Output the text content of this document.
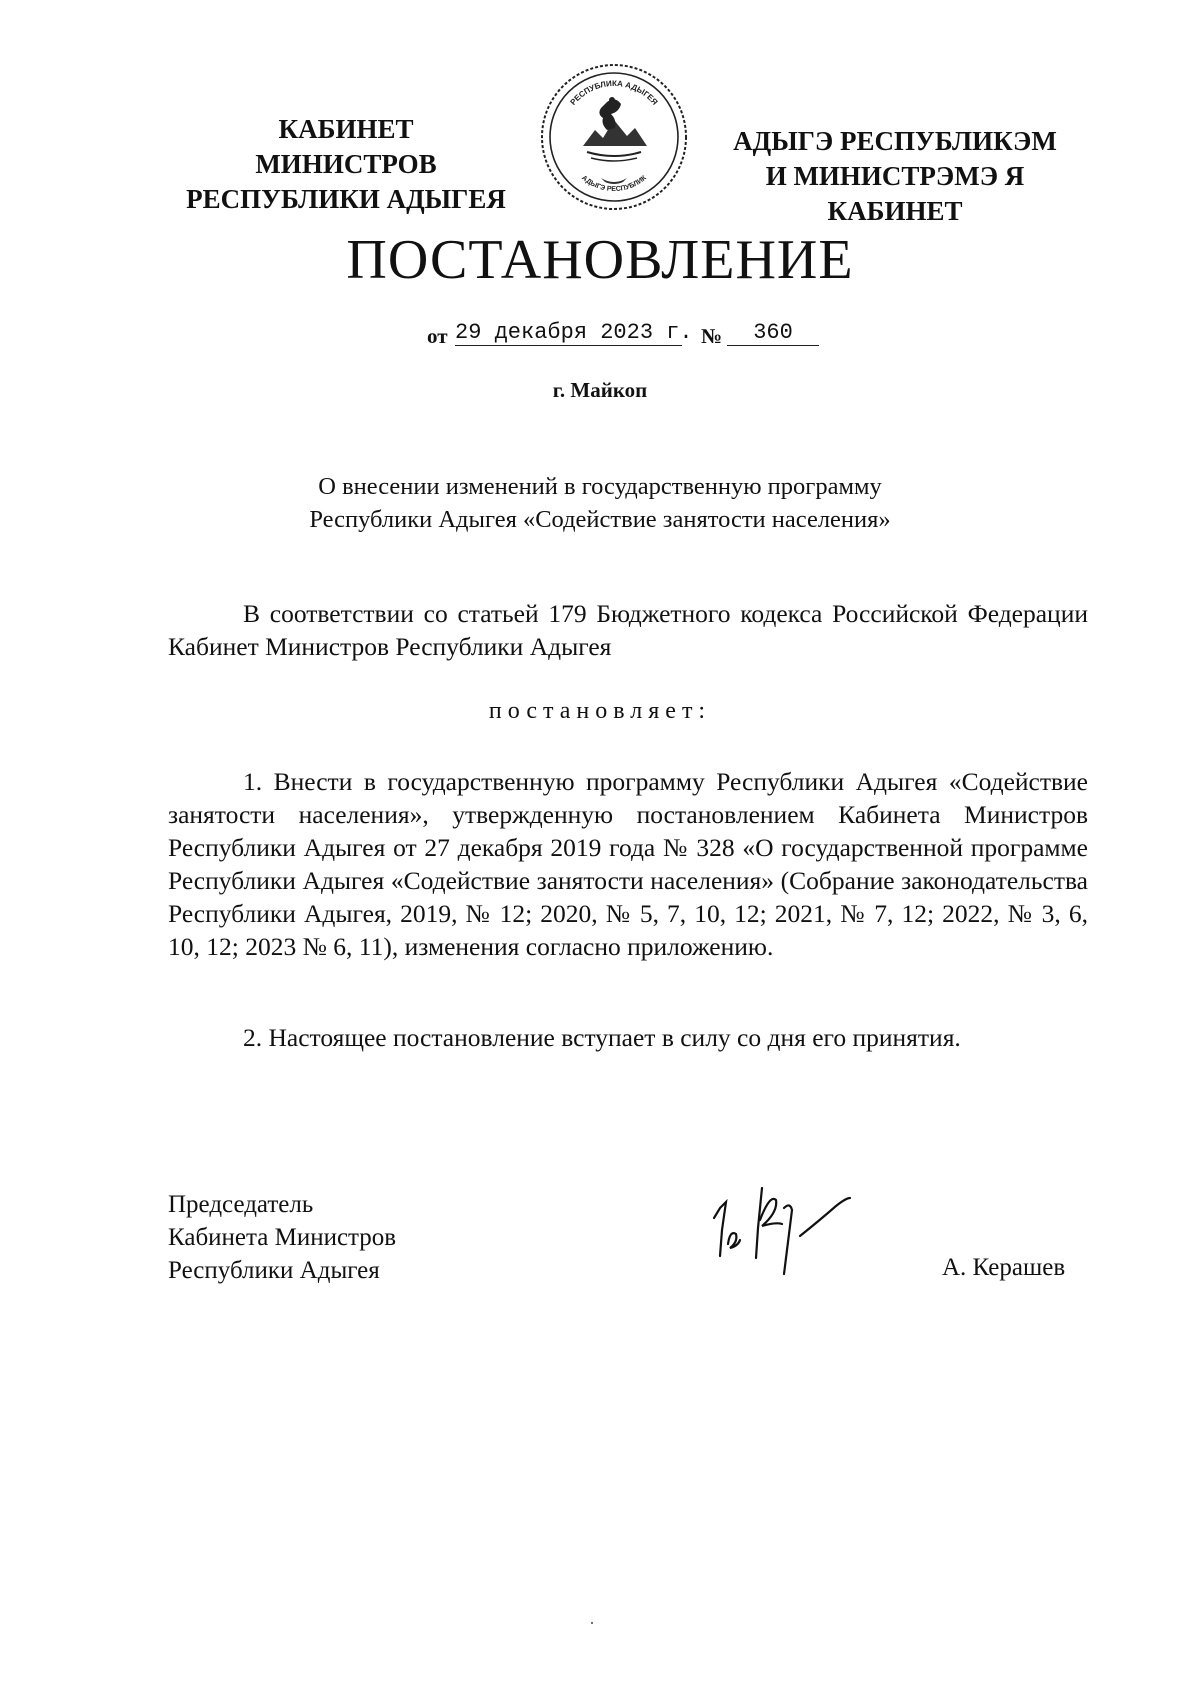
КАБИНЕТ МИНИСТРОВ
РЕСПУБЛИКИ АДЫГЕЯ
РЕСПУБЛИКА АДЫГЕЯ
АДЫГЭ РЕСПУБЛИК
АДЫГЭ РЕСПУБЛИКЭМ
И МИНИСТРЭМЭ Я КАБИНЕТ
ПОСТАНОВЛЕНИЕ
от 29 декабря 2023 г. №	360
г. Майкоп
О внесении изменений в государственную программу
Республики Адыгея «Содействие занятости населения»

В соответствии со статьей 179 Бюджетного кодекса Российской Федерации Кабинет Министров Республики Адыгея

постановляет:

1. Внести в государственную программу Республики Адыгея «Содействие занятости населения», утвержденную постановлением Кабинета Министров Республики Адыгея от 27 декабря 2019 года № 328 «О государственной программе Республики Адыгея «Содействие занятости населения» (Собрание законодательства Республики Адыгея, 2019, № 12; 2020, № 5, 7, 10, 12; 2021, № 7, 12; 2022, № 3, 6, 10, 12; 2023 № 6, 11), изменения согласно приложению.

2. Настоящее постановление вступает в силу со дня его принятия.

Председатель
Кабинета Министров
Республики Адыгея	А. Керашев
